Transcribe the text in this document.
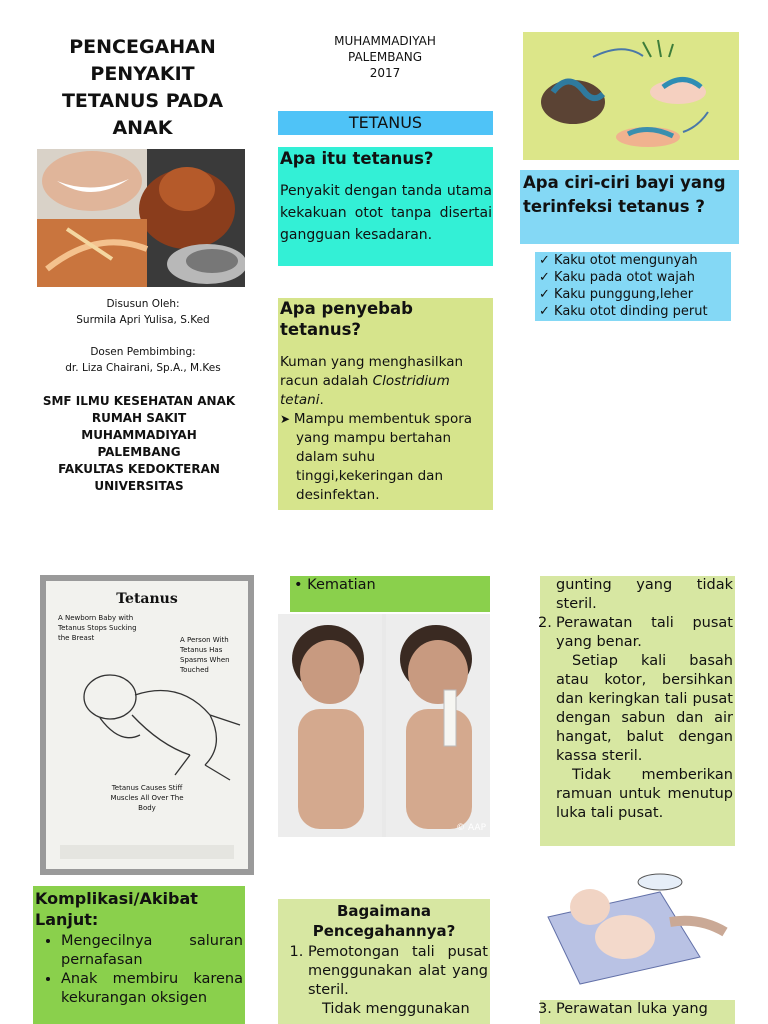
PENCEGAHAN PENYAKIT TETANUS PADA ANAK
Disusun Oleh:
Surmila Apri Yulisa, S.Ked
Dosen Pembimbing:
dr. Liza Chairani, Sp.A., M.Kes
SMF ILMU KESEHATAN ANAK
RUMAH SAKIT
MUHAMMADIYAH
PALEMBANG
FAKULTAS KEDOKTERAN
UNIVERSITAS
Tetanus
A Newborn Baby with Tetanus Stops Sucking the Breast	A Person With Tetanus Has Spasms When Touched
Tetanus Causes Stiff Muscles All Over The Body
Komplikasi/Akibat Lanjut:
• Mengecilnya saluran pernafasan
• Anak membiru karena kekurangan oksigen
MUHAMMADIYAH
PALEMBANG
2017
TETANUS
Apa itu tetanus?

Penyakit dengan tanda utama kekakuan otot tanpa disertai gangguan kesadaran.

Apa penyebab tetanus?

Kuman yang menghasilkan racun adalah Clostridium tetani.

➤ Mampu membentuk spora yang mampu bertahan dalam suhu tinggi,kekeringan dan desinfektan.
• Kematian
© AAP
Bagaimana Pencegahannya?
1. Pemotongan tali pusat menggunakan alat yang steril.

Tidak menggunakan

Apa ciri-ciri bayi yang terinfeksi tetanus ?
✓ Kaku otot mengunyah
✓ Kaku pada otot wajah
✓ Kaku punggung,leher
✓ Kaku otot dinding perut

gunting yang tidak steril.

2. Perawatan tali pusat yang benar.

Setiap kali basah atau kotor, bersihkan dan keringkan tali pusat dengan sabun dan air hangat, balut dengan kassa steril.

Tidak memberikan ramuan untuk menutup luka tali pusat.

3. Perawatan luka yang
